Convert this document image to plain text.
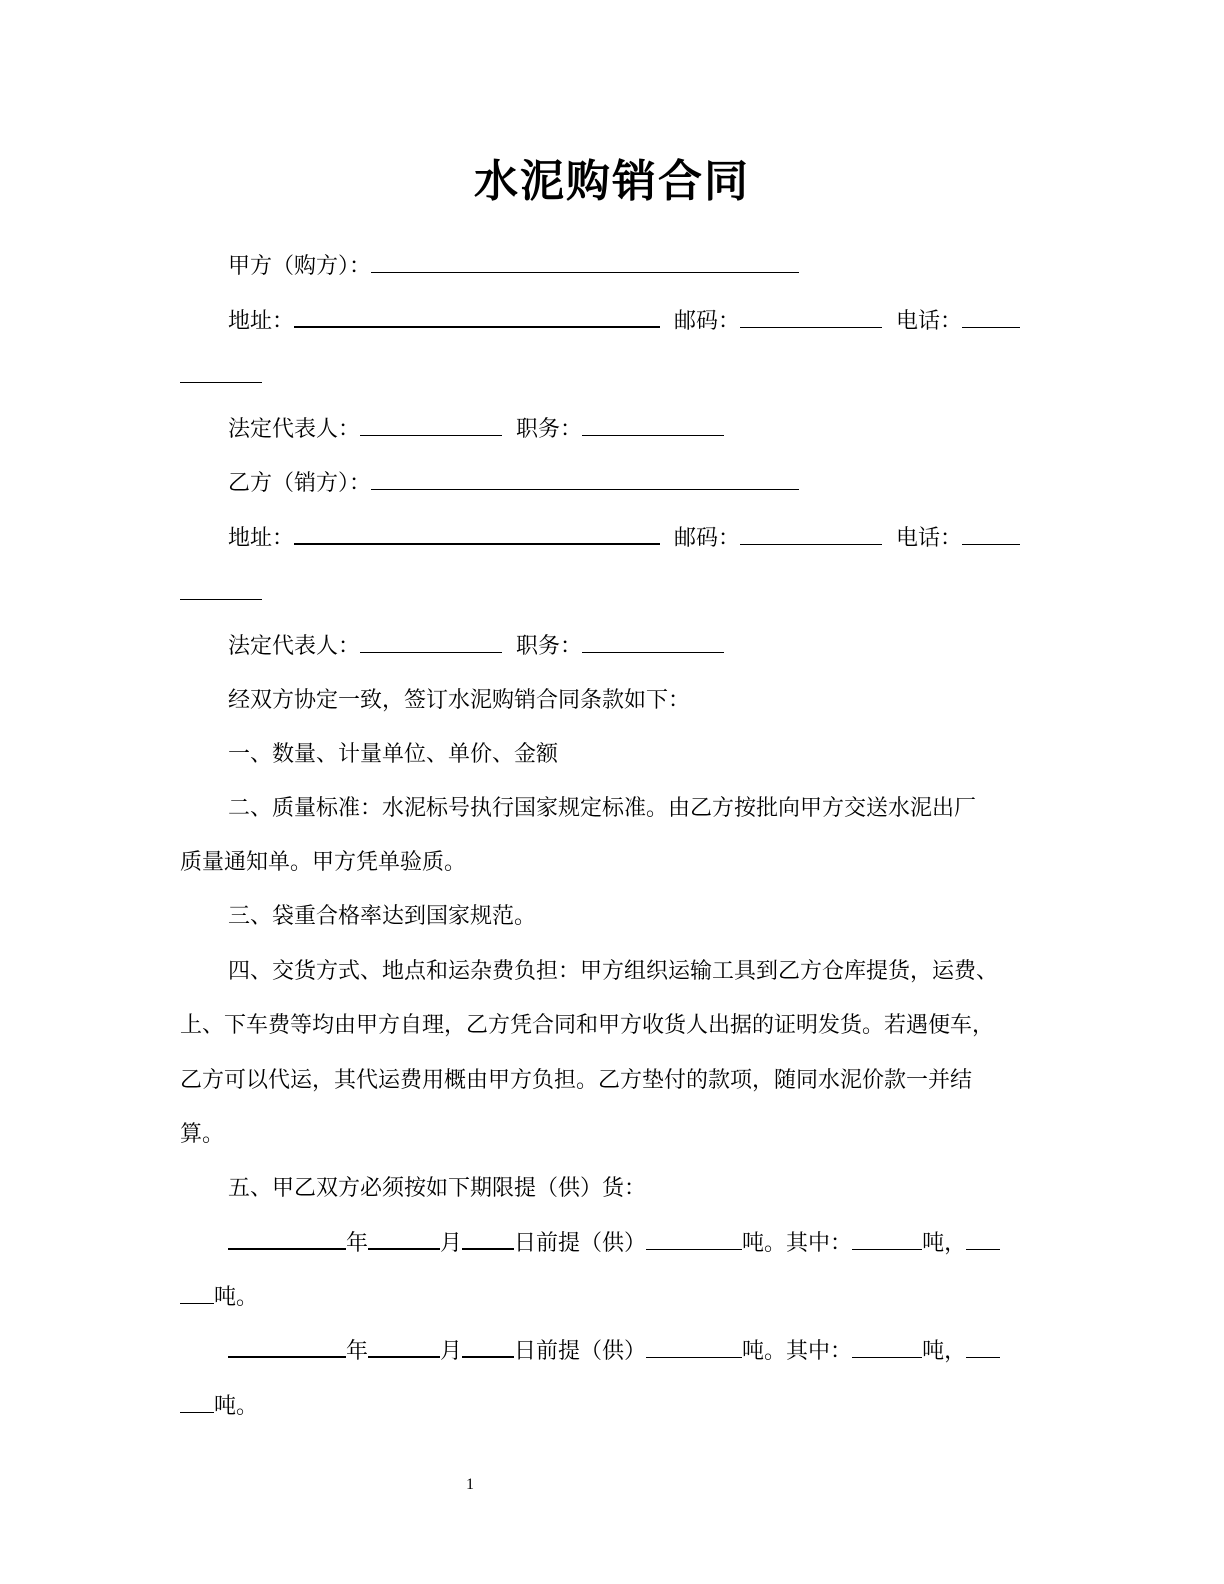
水泥购销合同
甲方（购方）：
地址：	邮码：	电话：
法定代表人：	职务：
乙方（销方）：
地址：	邮码：	电话：
法定代表人：	职务：
经双方协定一致，签订水泥购销合同条款如下：
一、数量、计量单位、单价、金额
二、质量标准：水泥标号执行国家规定标准。由乙方按批向甲方交送水泥出厂
质量通知单。甲方凭单验质。
三、袋重合格率达到国家规范。
四、交货方式、地点和运杂费负担：甲方组织运输工具到乙方仓库提货，运费、
上、下车费等均由甲方自理，乙方凭合同和甲方收货人出据的证明发货。若遇便车，
乙方可以代运，其代运费用概由甲方负担。乙方垫付的款项，随同水泥价款一并结
算。
五、甲乙双方必须按如下期限提（供）货：
年	月 日前提（供）	吨。其中：	吨，
吨。
年	月 日前提（供）	吨。其中：	吨，
吨。
1
